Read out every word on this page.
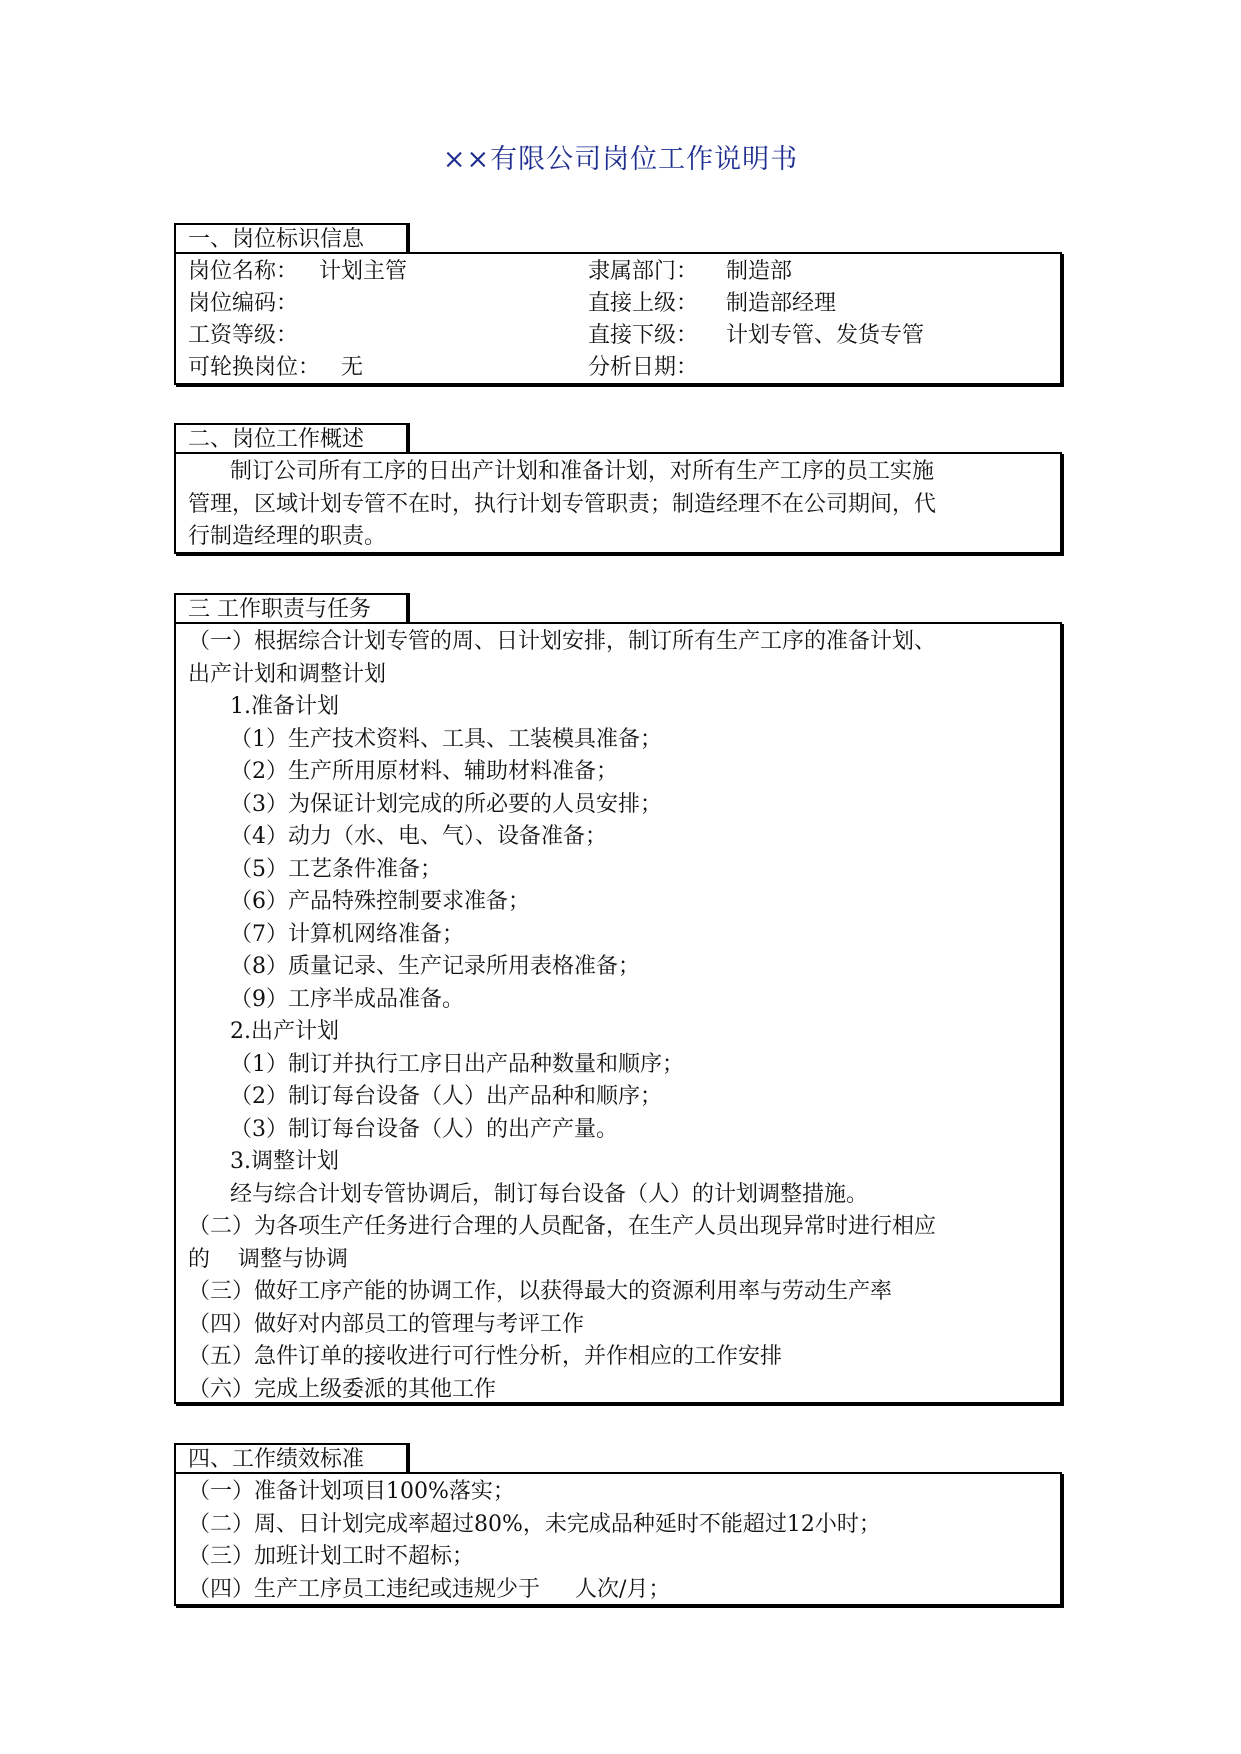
××有限公司岗位工作说明书
一、岗位标识信息
岗位名称：   计划主管	隶属部门：    制造部
岗位编码：	直接上级：    制造部经理
工资等级：	直接下级：    计划专管、发货专管
可轮换岗位：   无	分析日期：
二、岗位工作概述
制订公司所有工序的日出产计划和准备计划，对所有生产工序的员工实施
管理，区域计划专管不在时，执行计划专管职责；制造经理不在公司期间，代
行制造经理的职责。
三 工作职责与任务
（一）根据综合计划专管的周、日计划安排，制订所有生产工序的准备计划、
出产计划和调整计划
1.准备计划
（1）生产技术资料、工具、工装模具准备；
（2）生产所用原材料、辅助材料准备；
（3）为保证计划完成的所必要的人员安排；
（4）动力（水、电、气）、设备准备；
（5）工艺条件准备；
（6）产品特殊控制要求准备；
（7）计算机网络准备；
（8）质量记录、生产记录所用表格准备；
（9）工序半成品准备。
2.出产计划
（1）制订并执行工序日出产品种数量和顺序；
（2）制订每台设备（人）出产品种和顺序；
（3）制订每台设备（人）的出产产量。
3.调整计划
经与综合计划专管协调后，制订每台设备（人）的计划调整措施。
（二）为各项生产任务进行合理的人员配备，在生产人员出现异常时进行相应
的    调整与协调
（三）做好工序产能的协调工作，以获得最大的资源利用率与劳动生产率
（四）做好对内部员工的管理与考评工作
（五）急件订单的接收进行可行性分析，并作相应的工作安排
（六）完成上级委派的其他工作
四、工作绩效标准
（一）准备计划项目100%落实；
（二）周、日计划完成率超过80%，未完成品种延时不能超过12小时；
（三）加班计划工时不超标；
（四）生产工序员工违纪或违规少于     人次/月；
